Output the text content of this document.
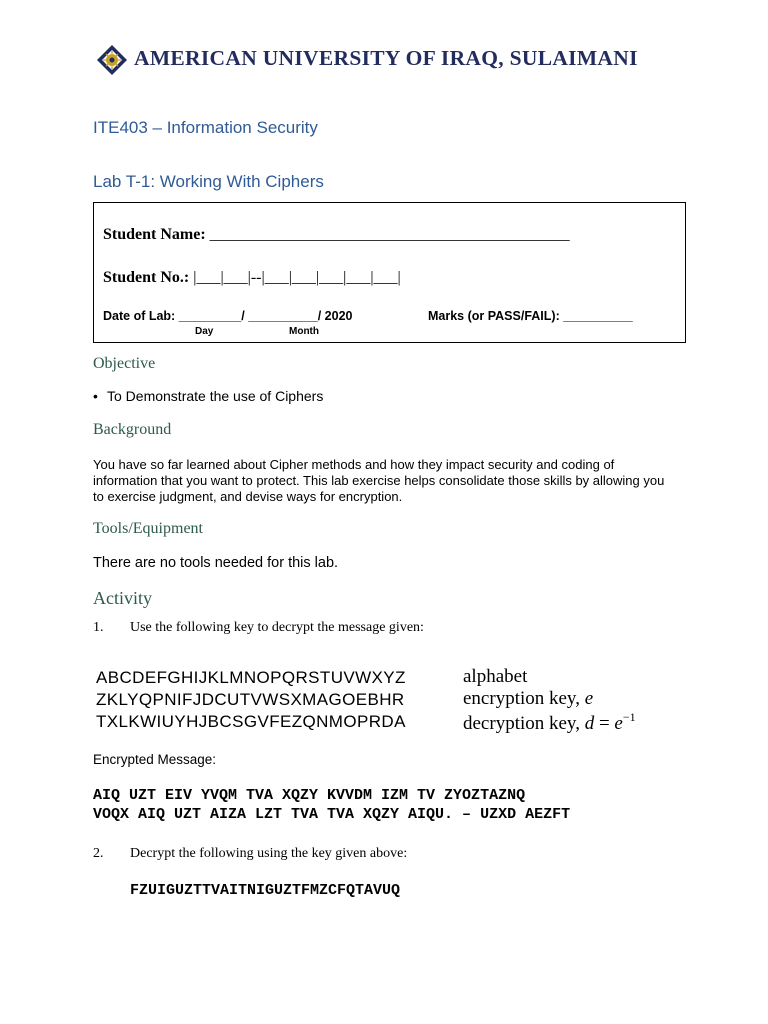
AMERICAN UNIVERSITY OF IRAQ, SULAIMANI
ITE403 – Information Security
Lab T-1: Working With Ciphers
Student Name: _____________________________________________
Student No.: |___|___|--|___|___|___|___|___|
Date of Lab: _________/ __________/ 2020	Marks (or PASS/FAIL): __________
Day	Month
Objective
• To Demonstrate the use of Ciphers
Background
You have so far learned about Cipher methods and how they impact security and coding of information that you want to protect. This lab exercise helps consolidate those skills by allowing you to exercise judgment, and devise ways for encryption.
Tools/Equipment
There are no tools needed for this lab.
Activity
1. Use the following key to decrypt the message given:
ABCDEFGHIJKLMNOPQRSTUVWXYZ
ZKLYQPNIFJDCUTVWSXMAGOEBHR
TXLKWIUYHJBCSGVFEZQNMOPRDA
alphabet
encryption key, e
decryption key, $d = e^{-1}$
Encrypted Message:
AIQ UZT EIV YVQM TVA XQZY KVVDM IZM TV ZYOZTAZNQ
VOQX AIQ UZT AIZA LZT TVA TVA XQZY AIQU. – UZXD AEZFT
2. Decrypt the following using the key given above:
FZUIGUZTTVAITNIGUZTFMZCFQTAVUQ
